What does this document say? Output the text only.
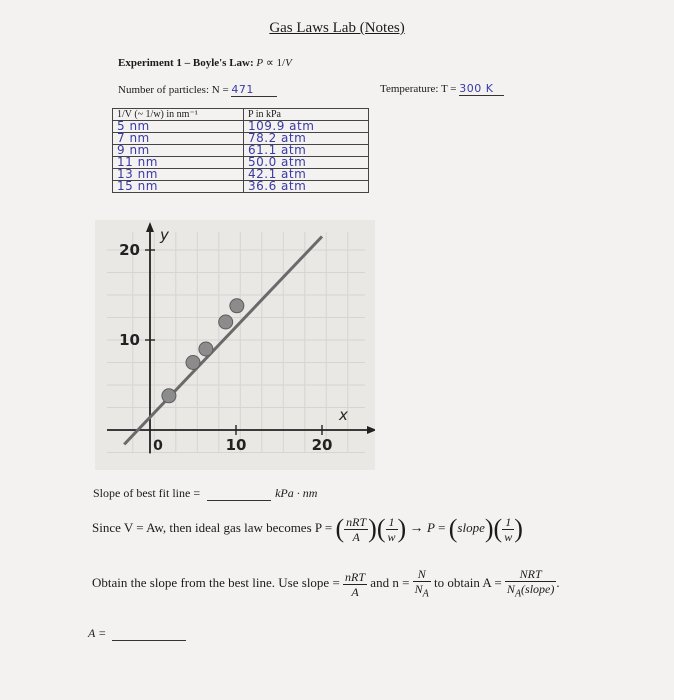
Gas Laws Lab (Notes)
Experiment 1 – Boyle's Law: P ∝ 1/V
Number of particles: N = 471	Temperature: T = 300 K
1/V (~ 1/w) in nm⁻¹	P in kPa
5 nm	109.9 atm
7 nm	78.2 atm
9 nm	61.1 atm
11 nm	50.0 atm
13 nm	42.1 atm
15 nm	36.6 atm
0	10	20
10
20
x
y
Slope of best fit line =	kPa · nm
Since V = Aw, then ideal gas law becomes P = ( $\frac{\text{nRT}}{A}$ )( $\frac{1}{w}$ ) → P = (slope)( $\frac{1}{w}$ )
Obtain the slope from the best line. Use slope = $\frac{\text{nRT}}{A}$ and $n = \frac{N}{N_A}$ to obtain $A = \frac{\text{NRT}}{N_A(slope)}$ .
A =
